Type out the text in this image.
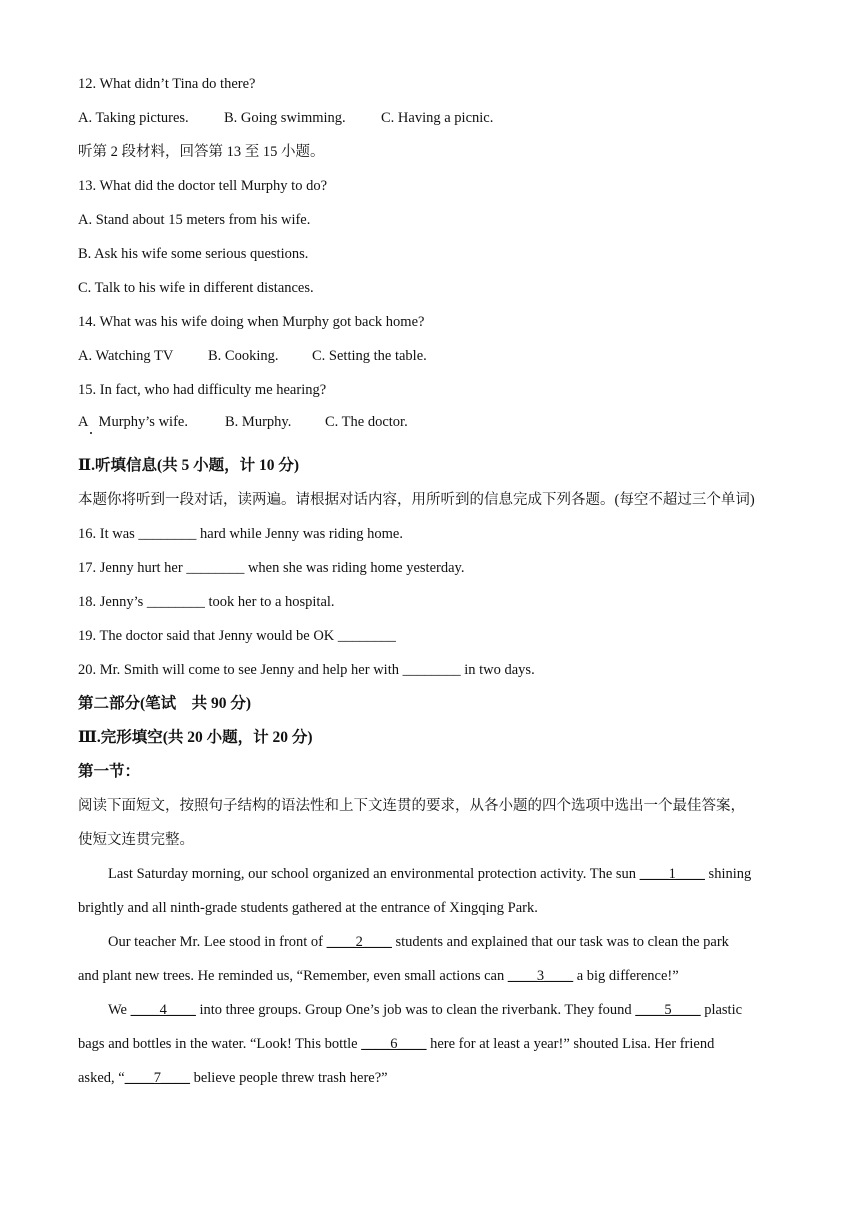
12. What didn’t Tina do there?
A. Taking pictures. B. Going swimming. C. Having a picnic.
听第 2 段材料，回答第 13 至 15 小题。
13. What did the doctor tell Murphy to do?
A. Stand about 15 meters from his wife.
B. Ask his wife some serious questions.
C. Talk to his wife in different distances.
14. What was his wife doing when Murphy got back home?
A. Watching TV B. Cooking. C. Setting the table.
15. In fact, who had difficulty me hearing?
A   Murphy’s wife.	B. Murphy. C. The doctor.
Ⅱ.听填信息(共 5 小题，计 10 分)
本题你将听到一段对话，读两遍。请根据对话内容，用所听到的信息完成下列各题。(每空不超过三个单词)
16. It was ________ hard while Jenny was riding home.
17. Jenny hurt her ________ when she was riding home yesterday.
18. Jenny’s ________ took her to a hospital.
19. The doctor said that Jenny would be OK ________
20. Mr. Smith will come to see Jenny and help her with ________ in two days.
第二部分(笔试　共 90 分)
Ⅲ.完形填空(共 20 小题，计 20 分)
第一节：
阅读下面短文，按照句子结构的语法性和上下文连贯的要求，从各小题的四个选项中选出一个最佳答案，
使短文连贯完整。
Last Saturday morning, our school organized an environmental protection activity. The sun ____1____ shining
brightly and all ninth-grade students gathered at the entrance of Xingqing Park.
Our teacher Mr. Lee stood in front of ____2____ students and explained that our task was to clean the park
and plant new trees. He reminded us, “Remember, even small actions can ____3____ a big difference!”
We ____4____ into three groups. Group One’s job was to clean the riverbank. They found ____5____ plastic
bags and bottles in the water. “Look! This bottle ____6____ here for at least a year!” shouted Lisa. Her friend
asked, “____7____ believe people threw trash here?”
